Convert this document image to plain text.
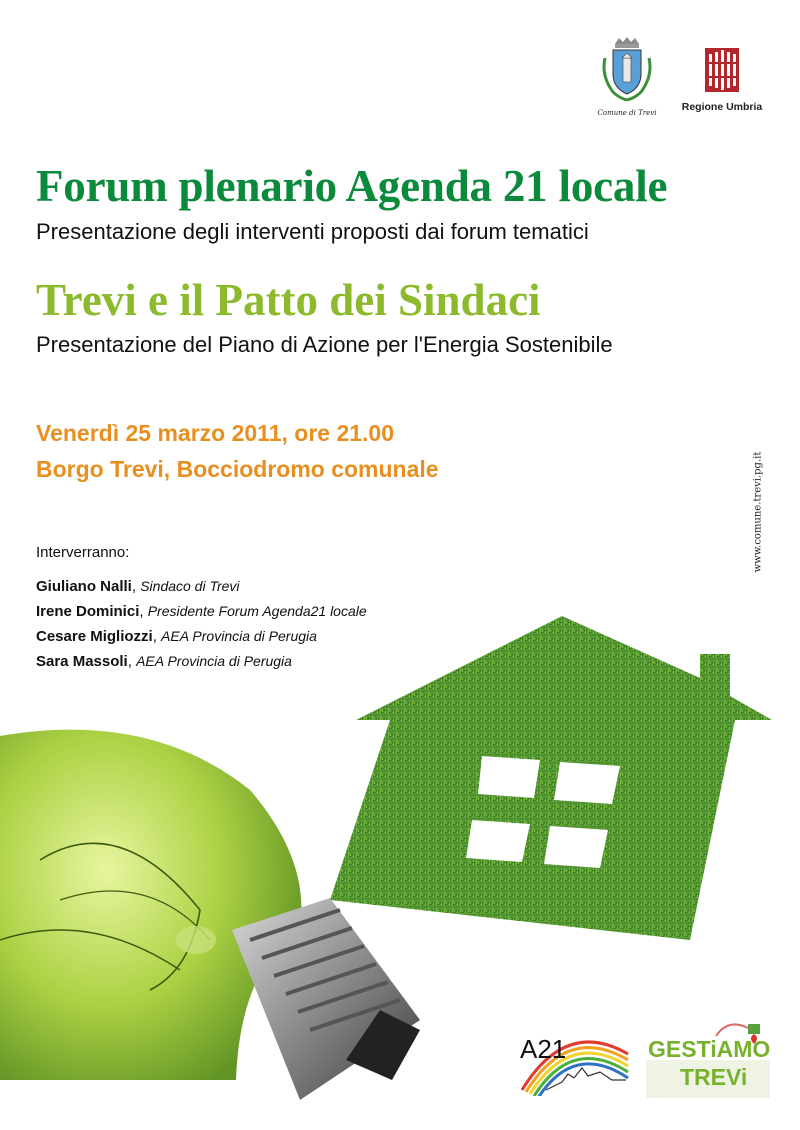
Comune di Trevi	Regione Umbria
Forum plenario Agenda 21 locale
Presentazione degli interventi proposti dai forum tematici
Trevi e il Patto dei Sindaci
Presentazione del Piano di Azione per l'Energia Sostenibile
Venerdì 25 marzo 2011, ore 21.00
Borgo Trevi, Bocciodromo comunale	www.comune.trevi.pg.it
Interverranno:
Giuliano Nalli, Sindaco di Trevi
Irene Dominici, Presidente Forum Agenda21 locale
Cesare Migliozzi, AEA Provincia di Perugia
Sara Massoli, AEA Provincia di Perugia
A21	GESTiAMO
TREVi
